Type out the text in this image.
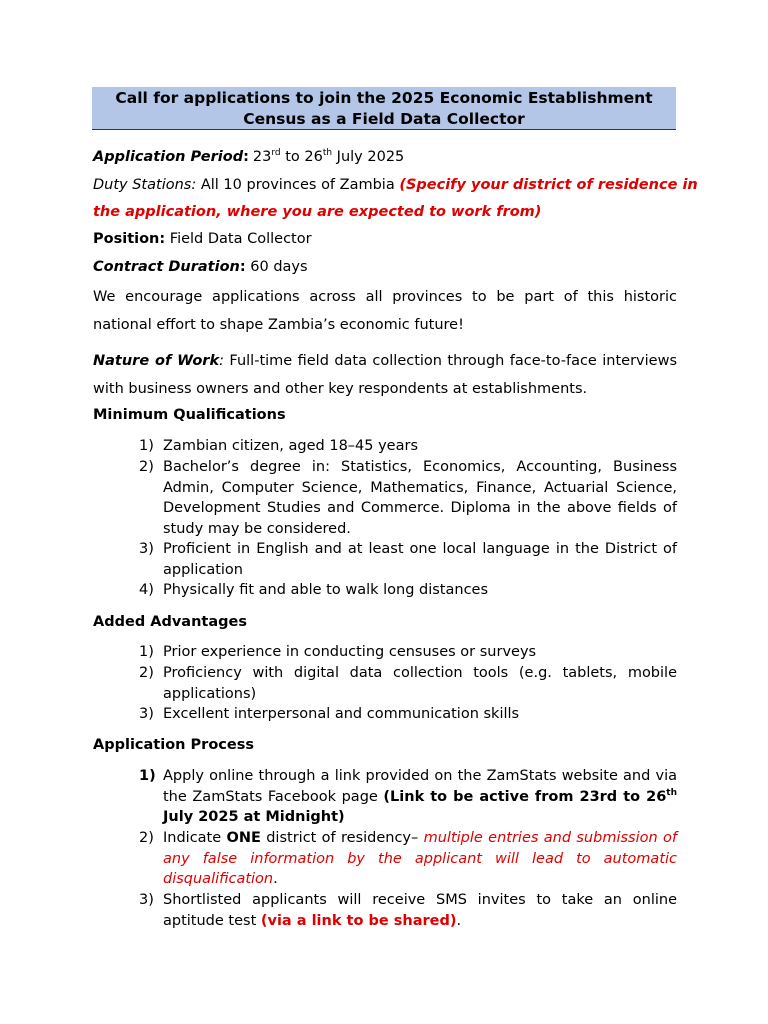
Call for applications to join the 2025 Economic Establishment
Census as a Field Data Collector
Application Period: 23rd to 26th July 2025
Duty Stations: All 10 provinces of Zambia (Specify your district of residence in
the application, where you are expected to work from)
Position: Field Data Collector
Contract Duration: 60 days
We encourage applications across all provinces to be part of this historic
national effort to shape Zambia’s economic future!
Nature of Work: Full-time field data collection through face-to-face interviews
with business owners and other key respondents at establishments.
Minimum Qualifications
1) Zambian citizen, aged 18–45 years
2) Bachelor’s degree in: Statistics, Economics, Accounting, Business Admin, Computer Science, Mathematics, Finance, Actuarial Science, Development Studies and Commerce. Diploma in the above fields of study may be considered.
3) Proficient in English and at least one local language in the District of application
4) Physically fit and able to walk long distances
Added Advantages
1) Prior experience in conducting censuses or surveys
2) Proficiency with digital data collection tools (e.g. tablets, mobile applications)
3) Excellent interpersonal and communication skills
Application Process
1) Apply online through a link provided on the ZamStats website and via the ZamStats Facebook page (Link to be active from 23rd to 26th July 2025 at Midnight)
2) Indicate ONE district of residency– multiple entries and submission of any false information by the applicant will lead to automatic disqualification.
3) Shortlisted applicants will receive SMS invites to take an online aptitude test (via a link to be shared).
